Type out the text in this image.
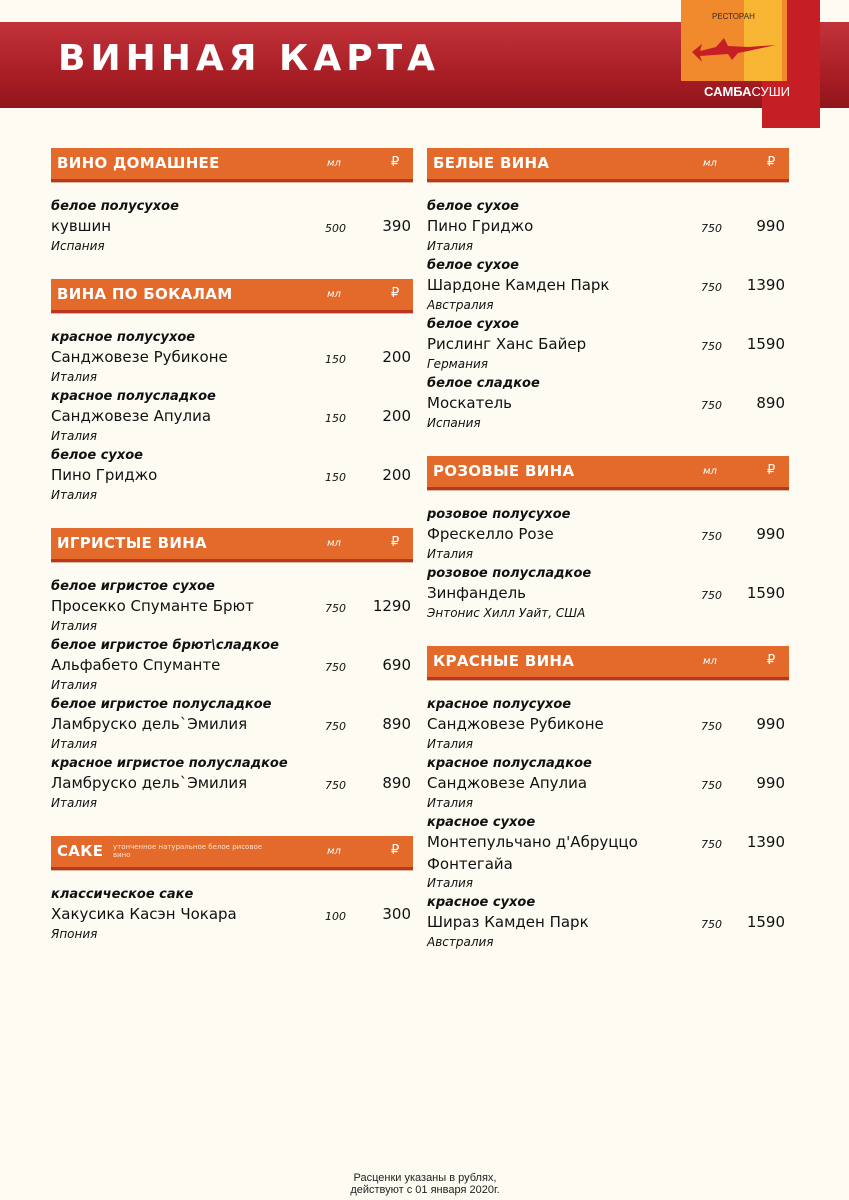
ВИННАЯ КАРТА
РЕСТОРАН
САМБАСУШИ
ВИНО ДОМАШНЕЕ	мл	₽
белое полусухое
кувшин	500 390
Испания
ВИНА ПО БОКАЛАМ	мл	₽
красное полусухое
Санджовезе Рубиконе	150 200
Италия
красное полусладкое
Санджовезе Апулиа	150 200
Италия
белое сухое
Пино Гриджо	150 200
Италия
ИГРИСТЫЕ ВИНА	мл	₽
белое игристое сухое
Просекко Спуманте Брют	750 1290
Италия
белое игристое брют\сладкое
Альфабето Спуманте	750 690
Италия
белое игристое полусладкое
Ламбруско дель`Эмилия	750 890
Италия
красное игристое полусладкое
Ламбруско дель`Эмилия	750 890
Италия
САКЕ утонченное натуральное белое рисовое вино	мл	₽
классическое саке
Хакусика Касэн Чокара	100 300
Япония
БЕЛЫЕ ВИНА	мл	₽
белое сухое
Пино Гриджо	750 990
Италия
белое сухое
Шардоне Камден Парк	750 1390
Австралия
белое сухое
Рислинг Ханс Байер	750 1590
Германия
белое сладкое
Москатель	750 890
Испания
РОЗОВЫЕ ВИНА	мл	₽
розовое полусухое
Фрескелло Розе	750 990
Италия
розовое полусладкое
Зинфандель	750 1590
Энтонис Хилл Уайт, США
КРАСНЫЕ ВИНА	мл	₽
красное полусухое
Санджовезе Рубиконе	750 990
Италия
красное полусладкое
Санджовезе Апулиа	750 990
Италия
красное сухое
Монтепульчано д'Абруццо	750 1390
Фонтегайа
Италия
красное сухое
Шираз Камден Парк	750 1590
Австралия
Расценки указаны в рублях,
действуют с 01 января 2020г.
